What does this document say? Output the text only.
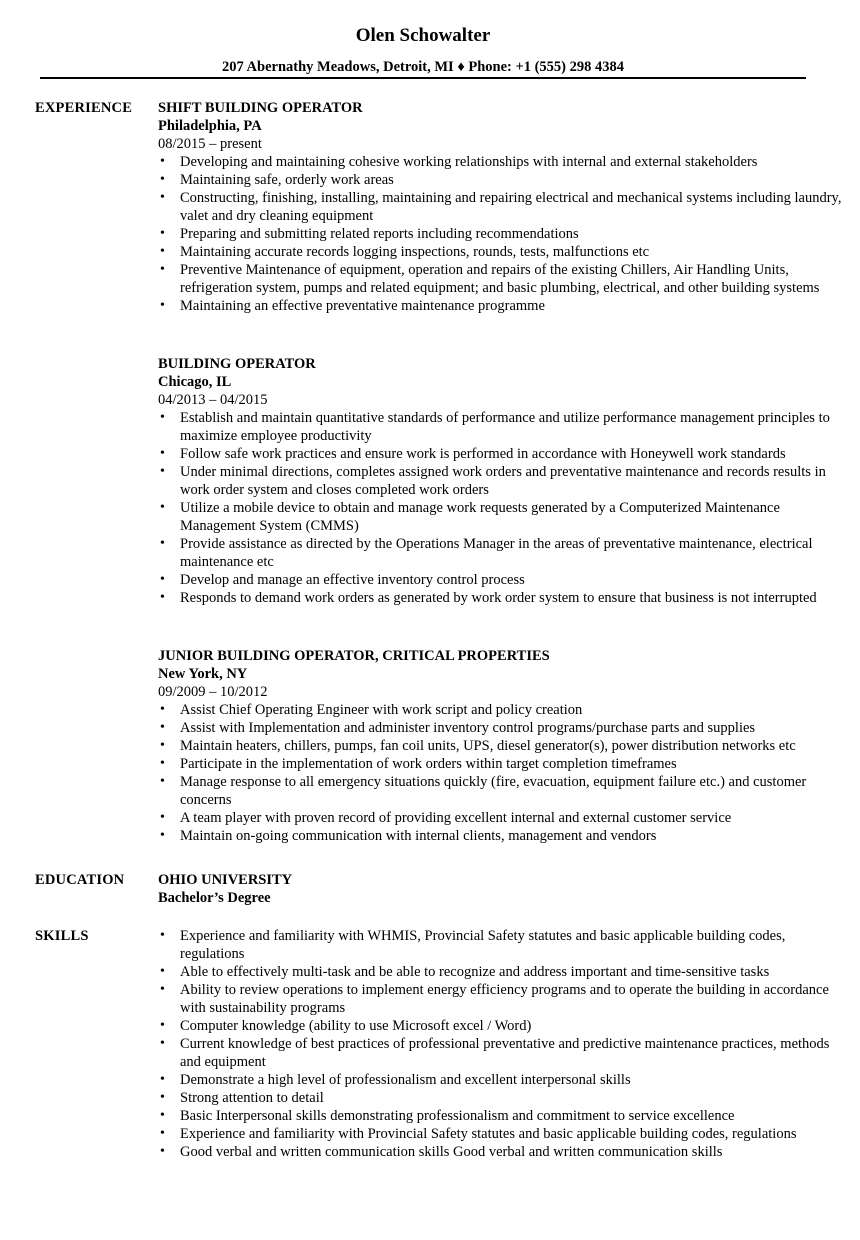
Olen Schowalter
207 Abernathy Meadows, Detroit, MI ♦ Phone: +1 (555) 298 4384
EXPERIENCE SHIFT BUILDING OPERATOR
Philadelphia, PA
08/2015 – present
• Developing and maintaining cohesive working relationships with internal and external stakeholders
• Maintaining safe, orderly work areas
• Constructing, finishing, installing, maintaining and repairing electrical and mechanical systems including laundry, valet and dry cleaning equipment
• Preparing and submitting related reports including recommendations
• Maintaining accurate records logging inspections, rounds, tests, malfunctions etc
• Preventive Maintenance of equipment, operation and repairs of the existing Chillers, Air Handling Units, refrigeration system, pumps and related equipment; and basic plumbing, electrical, and other building systems
• Maintaining an effective preventative maintenance programme
BUILDING OPERATOR
Chicago, IL
04/2013 – 04/2015
• Establish and maintain quantitative standards of performance and utilize performance management principles to maximize employee productivity
• Follow safe work practices and ensure work is performed in accordance with Honeywell work standards
• Under minimal directions, completes assigned work orders and preventative maintenance and records results in work order system and closes completed work orders
• Utilize a mobile device to obtain and manage work requests generated by a Computerized Maintenance Management System (CMMS)
• Provide assistance as directed by the Operations Manager in the areas of preventative maintenance, electrical maintenance etc
• Develop and manage an effective inventory control process
• Responds to demand work orders as generated by work order system to ensure that business is not interrupted
JUNIOR BUILDING OPERATOR, CRITICAL PROPERTIES
New York, NY
09/2009 – 10/2012
• Assist Chief Operating Engineer with work script and policy creation
• Assist with Implementation and administer inventory control programs/purchase parts and supplies
• Maintain heaters, chillers, pumps, fan coil units, UPS, diesel generator(s), power distribution networks etc
• Participate in the implementation of work orders within target completion timeframes
• Manage response to all emergency situations quickly (fire, evacuation, equipment failure etc.) and customer concerns
• A team player with proven record of providing excellent internal and external customer service
• Maintain on-going communication with internal clients, management and vendors
EDUCATION OHIO UNIVERSITY
Bachelor’s Degree
SKILLS
•	Experience and familiarity with WHMIS, Provincial Safety statutes and basic applicable building codes, regulations
• Able to effectively multi-task and be able to recognize and address important and time-sensitive tasks
• Ability to review operations to implement energy efficiency programs and to operate the building in accordance with sustainability programs
• Computer knowledge (ability to use Microsoft excel / Word)
• Current knowledge of best practices of professional preventative and predictive maintenance practices, methods and equipment
• Demonstrate a high level of professionalism and excellent interpersonal skills
• Strong attention to detail
• Basic Interpersonal skills demonstrating professionalism and commitment to service excellence
• Experience and familiarity with Provincial Safety statutes and basic applicable building codes, regulations
• Good verbal and written communication skills Good verbal and written communication skills
